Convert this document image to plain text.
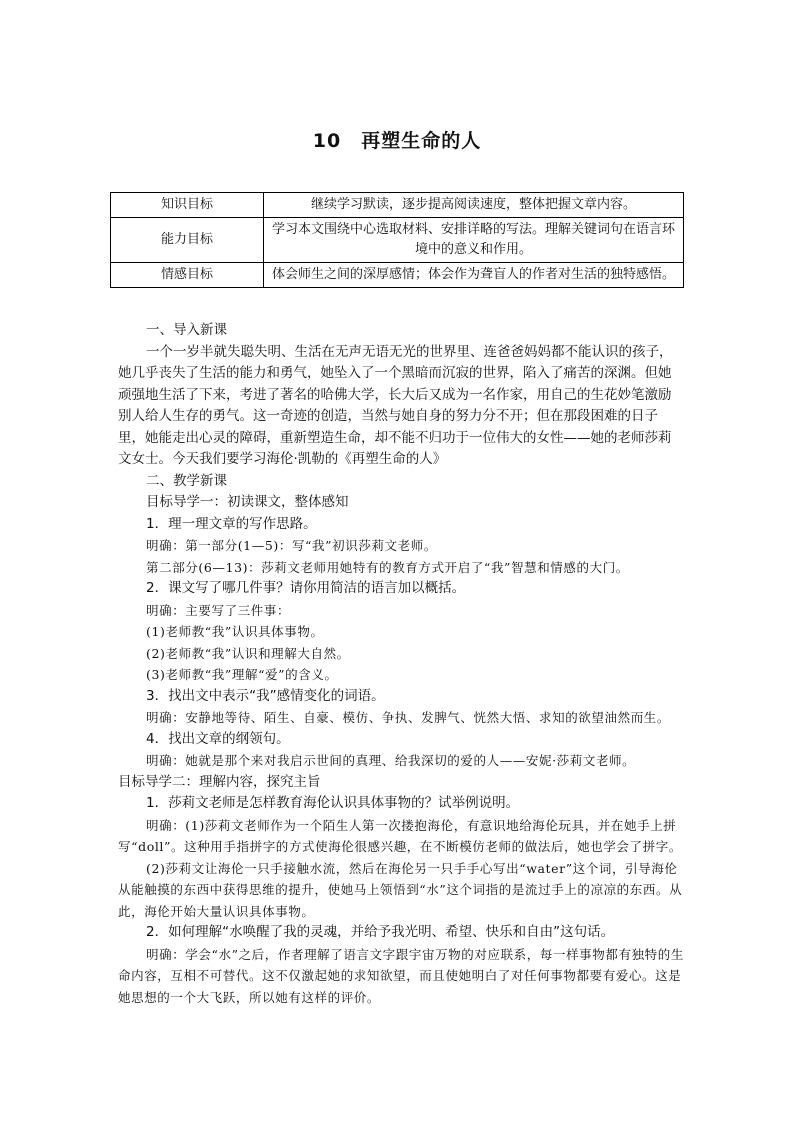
10　再塑生命的人
知识目标	继续学习默读，逐步提高阅读速度，整体把握文章内容。
能力目标	学习本文围绕中心选取材料、安排详略的写法。理解关键词句在语言环境中的意义和作用。
情感目标	体会师生之间的深厚感情；体会作为聋盲人的作者对生活的独特感悟。

一、导入新课

一个一岁半就失聪失明、生活在无声无语无光的世界里、连爸爸妈妈都不能认识的孩子，她几乎丧失了生活的能力和勇气，她坠入了一个黑暗而沉寂的世界，陷入了痛苦的深渊。但她顽强地生活了下来，考进了著名的哈佛大学，长大后又成为一名作家，用自己的生花妙笔激励别人给人生存的勇气。这一奇迹的创造，当然与她自身的努力分不开；但在那段困难的日子里，她能走出心灵的障碍，重新塑造生命，却不能不归功于一位伟大的女性——她的老师莎莉文女士。今天我们要学习海伦·凯勒的《再塑生命的人》

二、教学新课

目标导学一：初读课文，整体感知

1．理一理文章的写作思路。

明确：第一部分(1—5)：写“我”初识莎莉文老师。

第二部分(6—13)：莎莉文老师用她特有的教育方式开启了“我”智慧和情感的大门。

2．课文写了哪几件事？请你用简洁的语言加以概括。

明确：主要写了三件事：

(1)老师教“我”认识具体事物。

(2)老师教“我”认识和理解大自然。

(3)老师教“我”理解“爱”的含义。

3．找出文中表示“我”感情变化的词语。

明确：安静地等待、陌生、自豪、模仿、争执、发脾气、恍然大悟、求知的欲望油然而生。

4．找出文章的纲领句。

明确：她就是那个来对我启示世间的真理、给我深切的爱的人——安妮·莎莉文老师。

目标导学二：理解内容，探究主旨

1．莎莉文老师是怎样教育海伦认识具体事物的？试举例说明。

明确：(1)莎莉文老师作为一个陌生人第一次搂抱海伦，有意识地给海伦玩具，并在她手上拼写“doll”。这种用手指拼字的方式使海伦很感兴趣，在不断模仿老师的做法后，她也学会了拼字。

(2)莎莉文让海伦一只手接触水流，然后在海伦另一只手手心写出“water”这个词，引导海伦从能触摸的东西中获得思维的提升，使她马上领悟到“水”这个词指的是流过手上的凉凉的东西。从此，海伦开始大量认识具体事物。

2．如何理解“水唤醒了我的灵魂，并给予我光明、希望、快乐和自由”这句话。

明确：学会“水”之后，作者理解了语言文字跟宇宙万物的对应联系，每一样事物都有独特的生命内容，互相不可替代。这不仅激起她的求知欲望，而且使她明白了对任何事物都要有爱心。这是她思想的一个大飞跃，所以她有这样的评价。
